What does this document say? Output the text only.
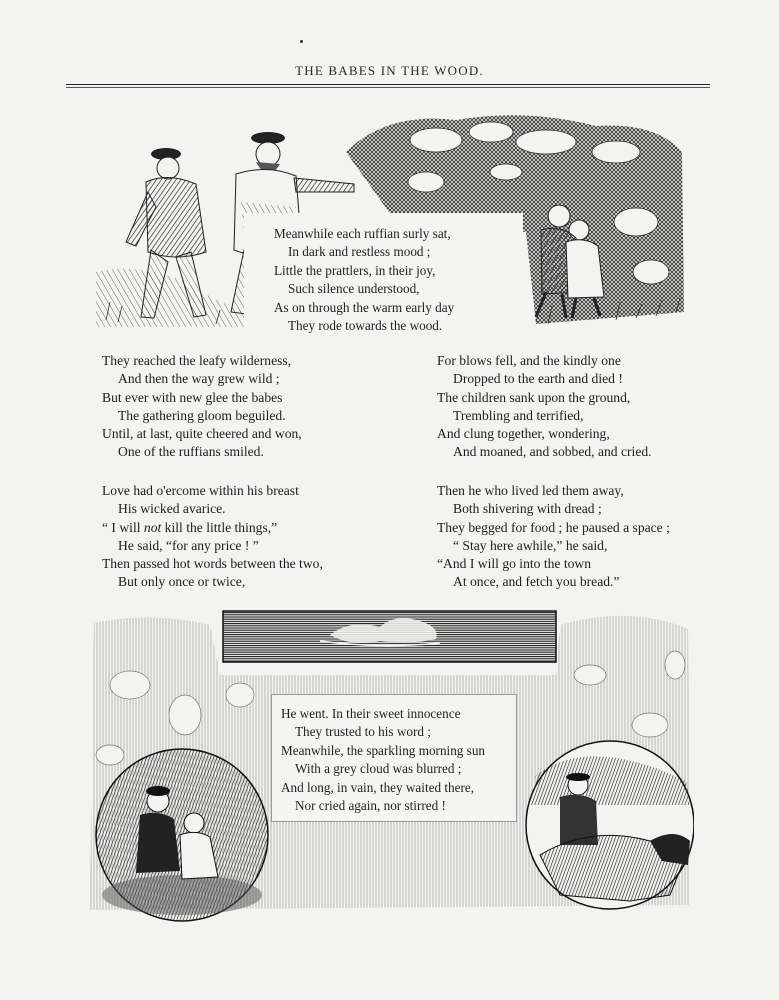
THE BABES IN THE WOOD.
Meanwhile each ruffian surly sat,
In dark and restless mood ;
Little the prattlers, in their joy,
Such silence understood,
As on through the warm early day
They rode towards the wood.
They reached the leafy wilderness,
And then the way grew wild ;
But ever with new glee the babes
The gathering gloom beguiled.
Until, at last, quite cheered and won,
One of the ruffians smiled.
For blows fell, and the kindly one
Dropped to the earth and died !
The children sank upon the ground,
Trembling and terrified,
And clung together, wondering,
And moaned, and sobbed, and cried.
Love had o'ercome within his breast
His wicked avarice.
“ I will not kill the little things,”
He said, “for any price ! ”
Then passed hot words between the two,
But only once or twice,
Then he who lived led them away,
Both shivering with dread ;
They begged for food ; he paused a space ;
“ Stay here awhile,” he said,
“And I will go into the town
At once, and fetch you bread.”
He went. In their sweet innocence
They trusted to his word ;
Meanwhile, the sparkling morning sun
With a grey cloud was blurred ;
And long, in vain, they waited there,
Nor cried again, nor stirred !
